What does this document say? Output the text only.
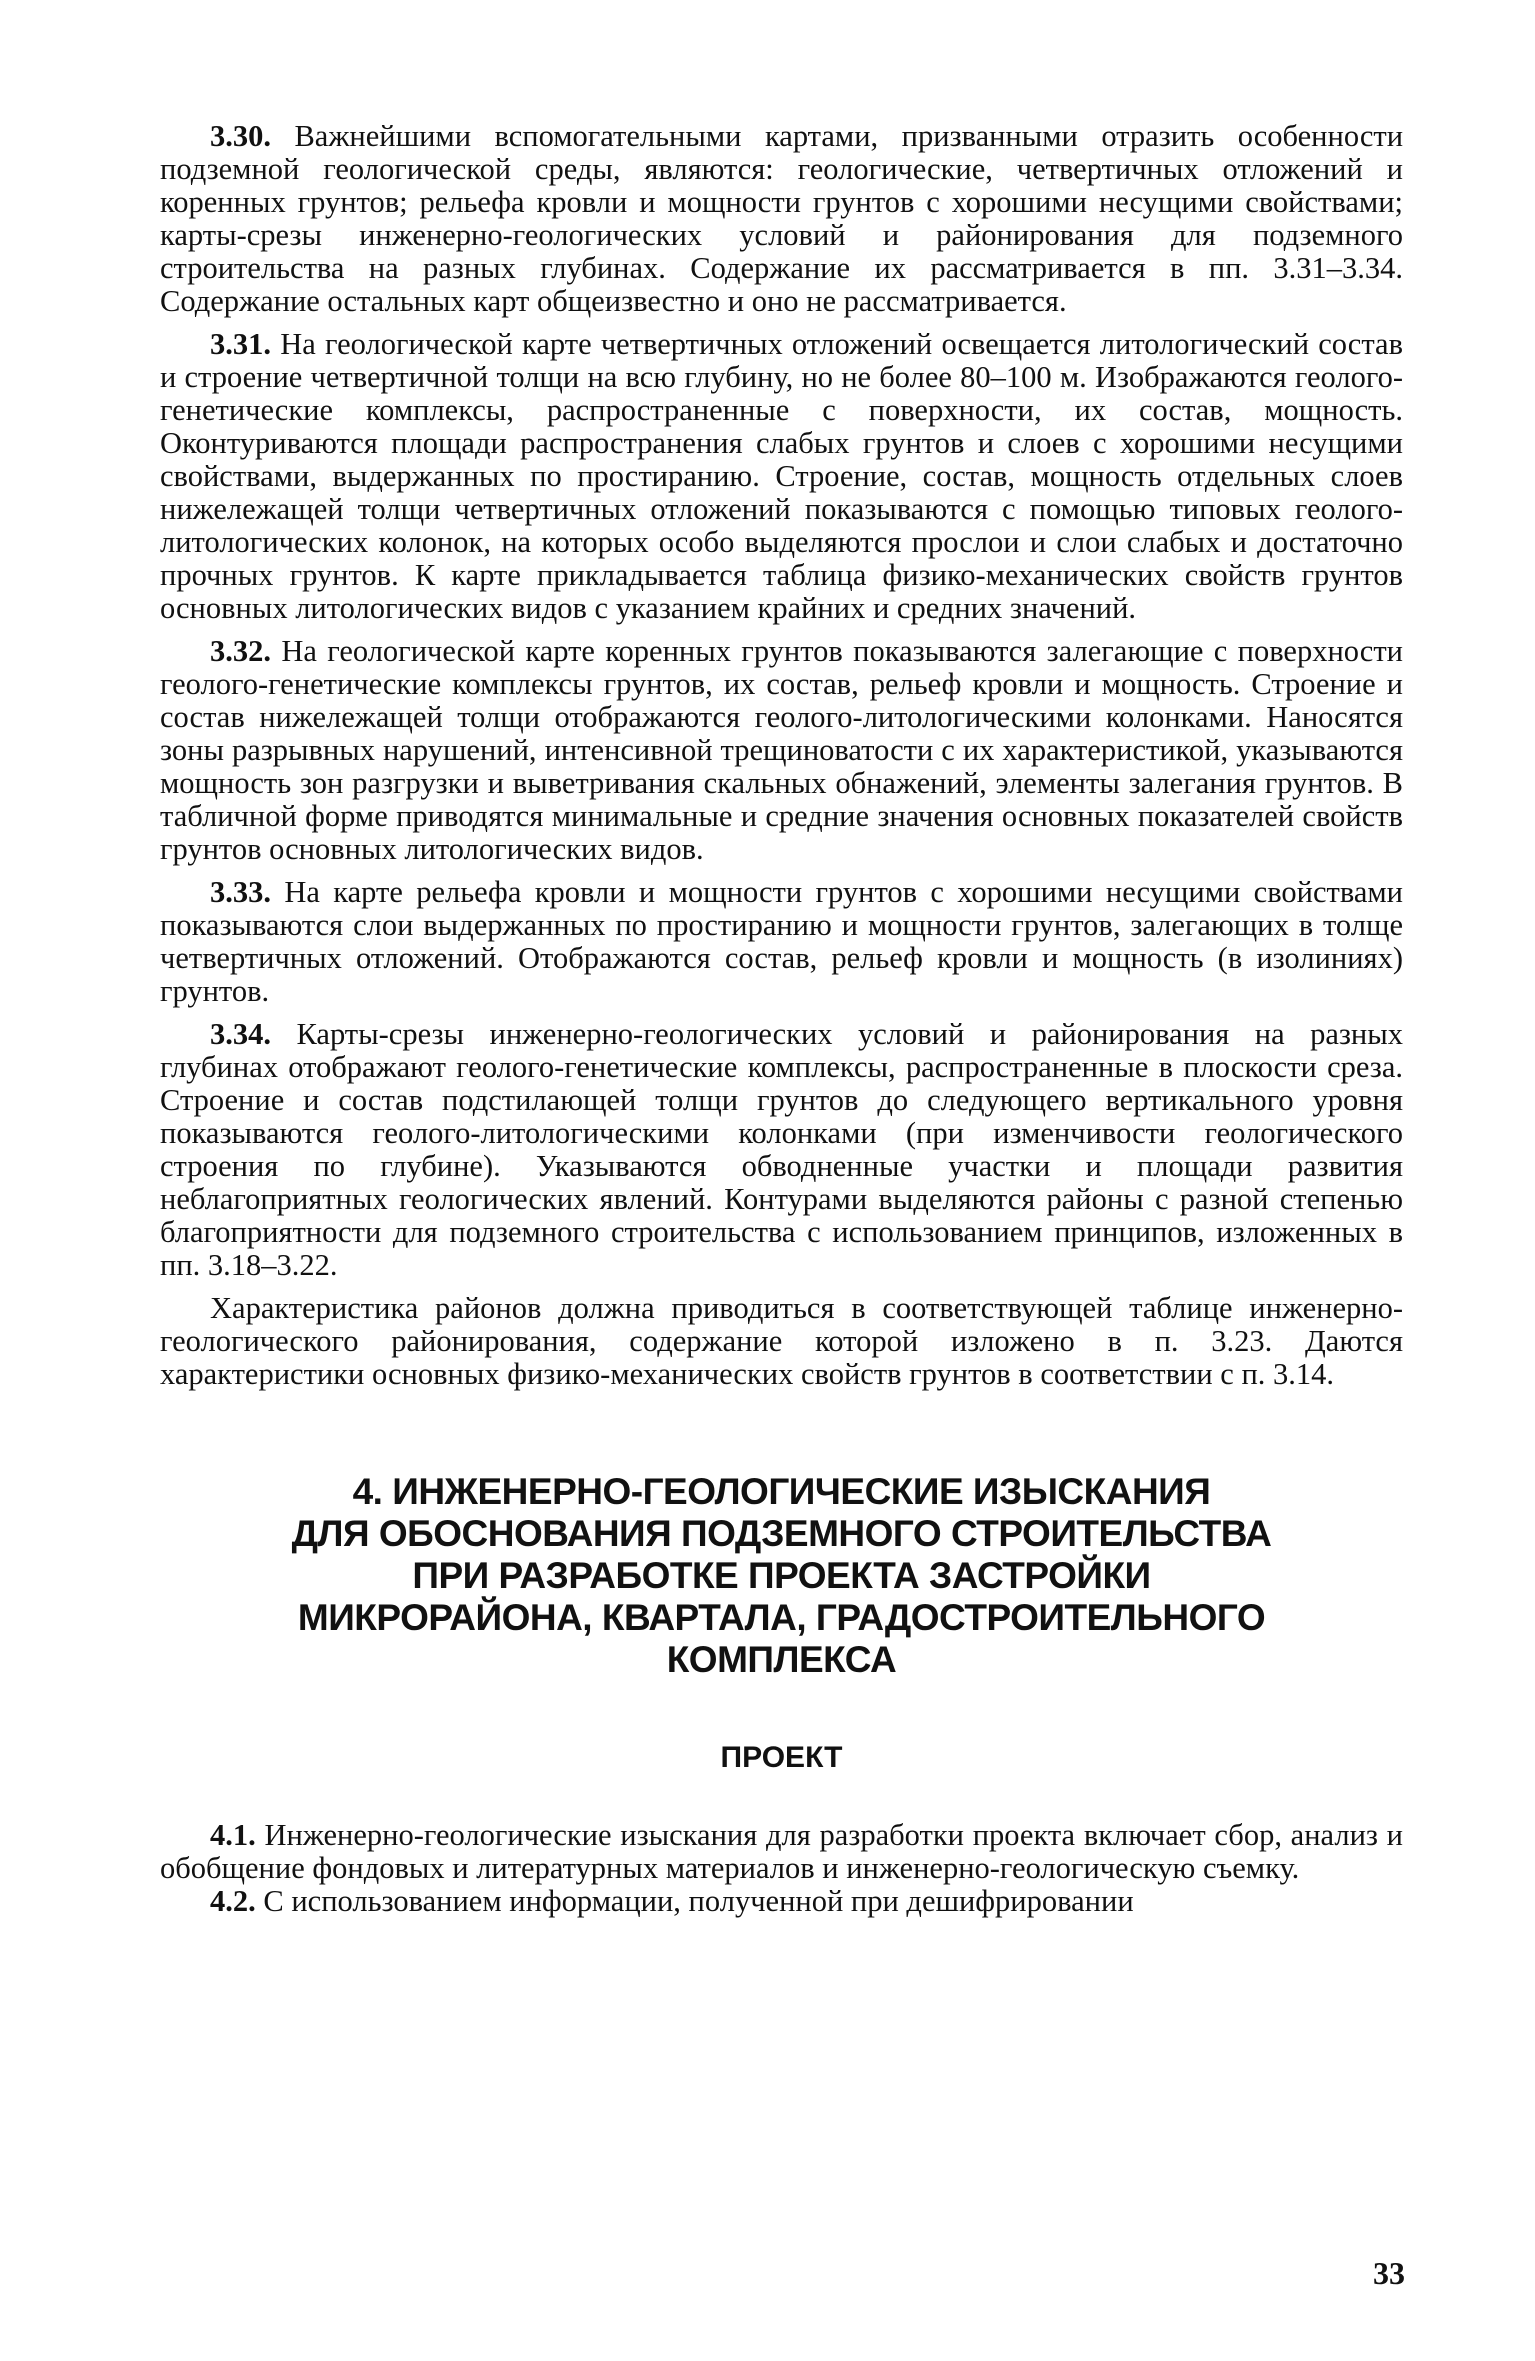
3.30. Важнейшими вспомогательными картами, призванными отразить особенности подземной геологической среды, являются: геологические, четвертичных отложений и коренных грунтов; рельефа кровли и мощности грунтов с хорошими несущими свойствами; карты-срезы инженерно-геологических условий и районирования для подземного строительства на разных глубинах. Содержание их рассматривается в пп. 3.31–3.34. Содержание остальных карт общеизвестно и оно не рассматривается.

3.31. На геологической карте четвертичных отложений освещается литологический состав и строение четвертичной толщи на всю глубину, но не более 80–100 м. Изображаются геолого-генетические комплексы, распространенные с поверхности, их состав, мощность. Оконтуриваются площади распространения слабых грунтов и слоев с хорошими несущими свойствами, выдержанных по простиранию. Строение, состав, мощность отдельных слоев нижележащей толщи четвертичных отложений показываются с помощью типовых геолого-литологических колонок, на которых особо выделяются прослои и слои слабых и достаточно прочных грунтов. К карте прикладывается таблица физико-механических свойств грунтов основных литологических видов с указанием крайних и средних значений.

3.32. На геологической карте коренных грунтов показываются залегающие с поверхности геолого-генетические комплексы грунтов, их состав, рельеф кровли и мощность. Строение и состав нижележащей толщи отображаются геолого-литологическими колонками. Наносятся зоны разрывных нарушений, интенсивной трещиноватости с их характеристикой, указываются мощность зон разгрузки и выветривания скальных обнажений, элементы залегания грунтов. В табличной форме приводятся минимальные и средние значения основных показателей свойств грунтов основных литологических видов.

3.33. На карте рельефа кровли и мощности грунтов с хорошими несущими свойствами показываются слои выдержанных по простиранию и мощности грунтов, залегающих в толще четвертичных отложений. Отображаются состав, рельеф кровли и мощность (в изолиниях) грунтов.

3.34. Карты-срезы инженерно-геологических условий и районирования на разных глубинах отображают геолого-генетические комплексы, распространенные в плоскости среза. Строение и состав подстилающей толщи грунтов до следующего вертикального уровня показываются геолого-литологическими колонками (при изменчивости геологического строения по глубине). Указываются обводненные участки и площади развития неблагоприятных геологических явлений. Контурами выделяются районы с разной степенью благоприятности для подземного строительства с использованием принципов, изложенных в пп. 3.18–3.22.

Характеристика районов должна приводиться в соответствующей таблице инженерно-геологического районирования, содержание которой изложено в п. 3.23. Даются характеристики основных физико-механических свойств грунтов в соответствии с п. 3.14.

4. ИНЖЕНЕРНО-ГЕОЛОГИЧЕСКИЕ ИЗЫСКАНИЯ
ДЛЯ ОБОСНОВАНИЯ ПОДЗЕМНОГО СТРОИТЕЛЬСТВА
ПРИ РАЗРАБОТКЕ ПРОЕКТА ЗАСТРОЙКИ
МИКРОРАЙОНА, КВАРТАЛА, ГРАДОСТРОИТЕЛЬНОГО
КОМПЛЕКСА
ПРОЕКТ

4.1. Инженерно-геологические изыскания для разработки проекта включает сбор, анализ и обобщение фондовых и литературных материалов и инженерно-геологическую съемку.

4.2. С использованием информации, полученной при дешифрировании

33
